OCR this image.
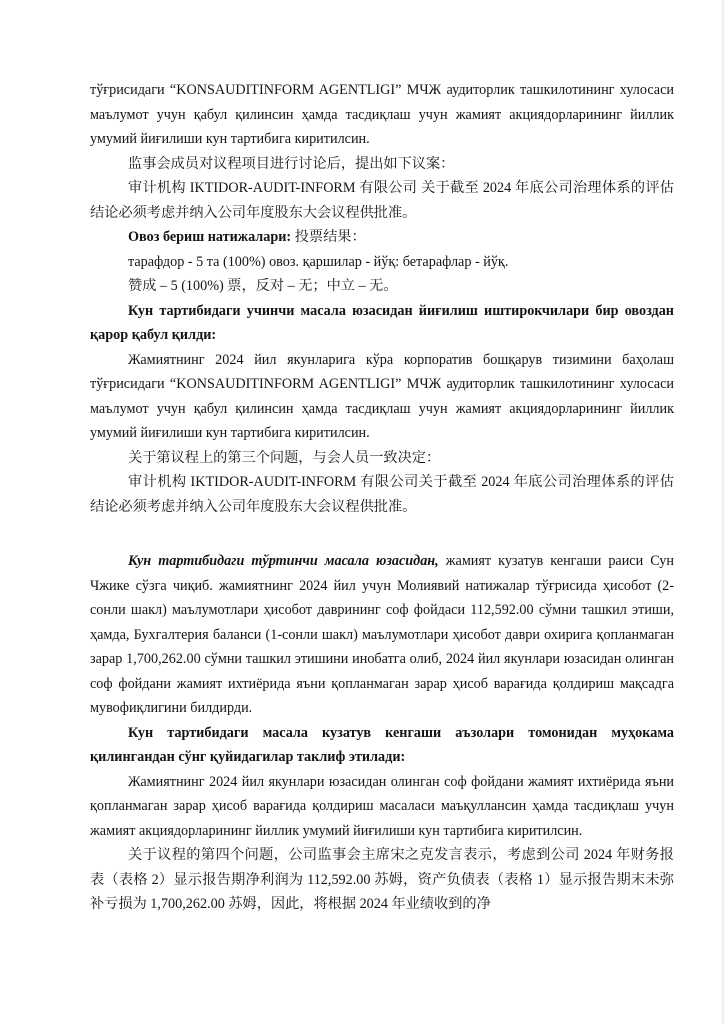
тўғрисидаги “KONSAUDITINFORM AGENTLIGI” МЧЖ аудиторлик ташкилотининг хулосаси маълумот учун қабул қилинсин ҳамда тасдиқлаш учун жамият акциядорларининг йиллик умумий йиғилиши кун тартибига киритилсин.

监事会成员对议程项目进行讨论后，提出如下议案：

审计机构 IKTIDOR-AUDIT-INFORM 有限公司 关于截至 2024 年底公司治理体系的评估结论必须考虑并纳入公司年度股东大会议程供批准。

Овоз бериш натижалари: 投票结果：

тарафдор - 5 та (100%) овоз. қаршилар - йўқ: бетарафлар - йўқ.

赞成 – 5 (100%) 票，反对 – 无；中立 – 无。

Кун тартибидаги учинчи масала юзасидан йиғилиш иштирокчилари бир овоздан қарор қабул қилди:

Жамиятнинг 2024 йил якунларига кўра корпоратив бошқарув тизимини баҳолаш тўғрисидаги “KONSAUDITINFORM AGENTLIGI” МЧЖ аудиторлик ташкилотининг хулосаси маълумот учун қабул қилинсин ҳамда тасдиқлаш учун жамият акциядорларининг йиллик умумий йиғилиши кун тартибига киритилсин.

关于第议程上的第三个问题，与会人员一致决定：

审计机构 IKTIDOR-AUDIT-INFORM 有限公司关于截至 2024 年底公司治理体系的评估结论必须考虑并纳入公司年度股东大会议程供批准。

Кун тартибидаги тўртинчи масала юзасидан, жамият кузатув кенгаши раиси Сун Чжике сўзга чиқиб. жамиятнинг 2024 йил учун Молиявий натижалар тўғрисида ҳисобот (2-сонли шакл) маълумотлари ҳисобот даврининг соф фойдаси 112,592.00 сўмни ташкил этиши, ҳамда, Бухгалтерия баланси (1-сонли шакл) маълумотлари ҳисобот даври охирига қопланмаган зарар 1,700,262.00 сўмни ташкил этишини инобатга олиб, 2024 йил якунлари юзасидан олинган соф фойдани жамият ихтиёрида яъни қопланмаган зарар ҳисоб варағида қолдириш мақсадга мувофиқлигини билдирди.

Кун тартибидаги масала кузатув кенгаши аъзолари томонидан муҳокама қилингандан сўнг қуйидагилар таклиф этилади:

Жамиятнинг 2024 йил якунлари юзасидан олинган соф фойдани жамият ихтиёрида яъни қопланмаган зарар ҳисоб варағида қолдириш масаласи маъқуллансин ҳамда тасдиқлаш учун жамият акциядорларининг йиллик умумий йиғилиши кун тартибига киритилсин.

关于议程的第四个问题，公司监事会主席宋之克发言表示，考虑到公司 2024 年财务报表（表格 2）显示报告期净利润为 112,592.00 苏姆，资产负债表（表格 1）显示报告期末未弥补亏损为 1,700,262.00 苏姆，因此，将根据 2024 年业绩收到的净
